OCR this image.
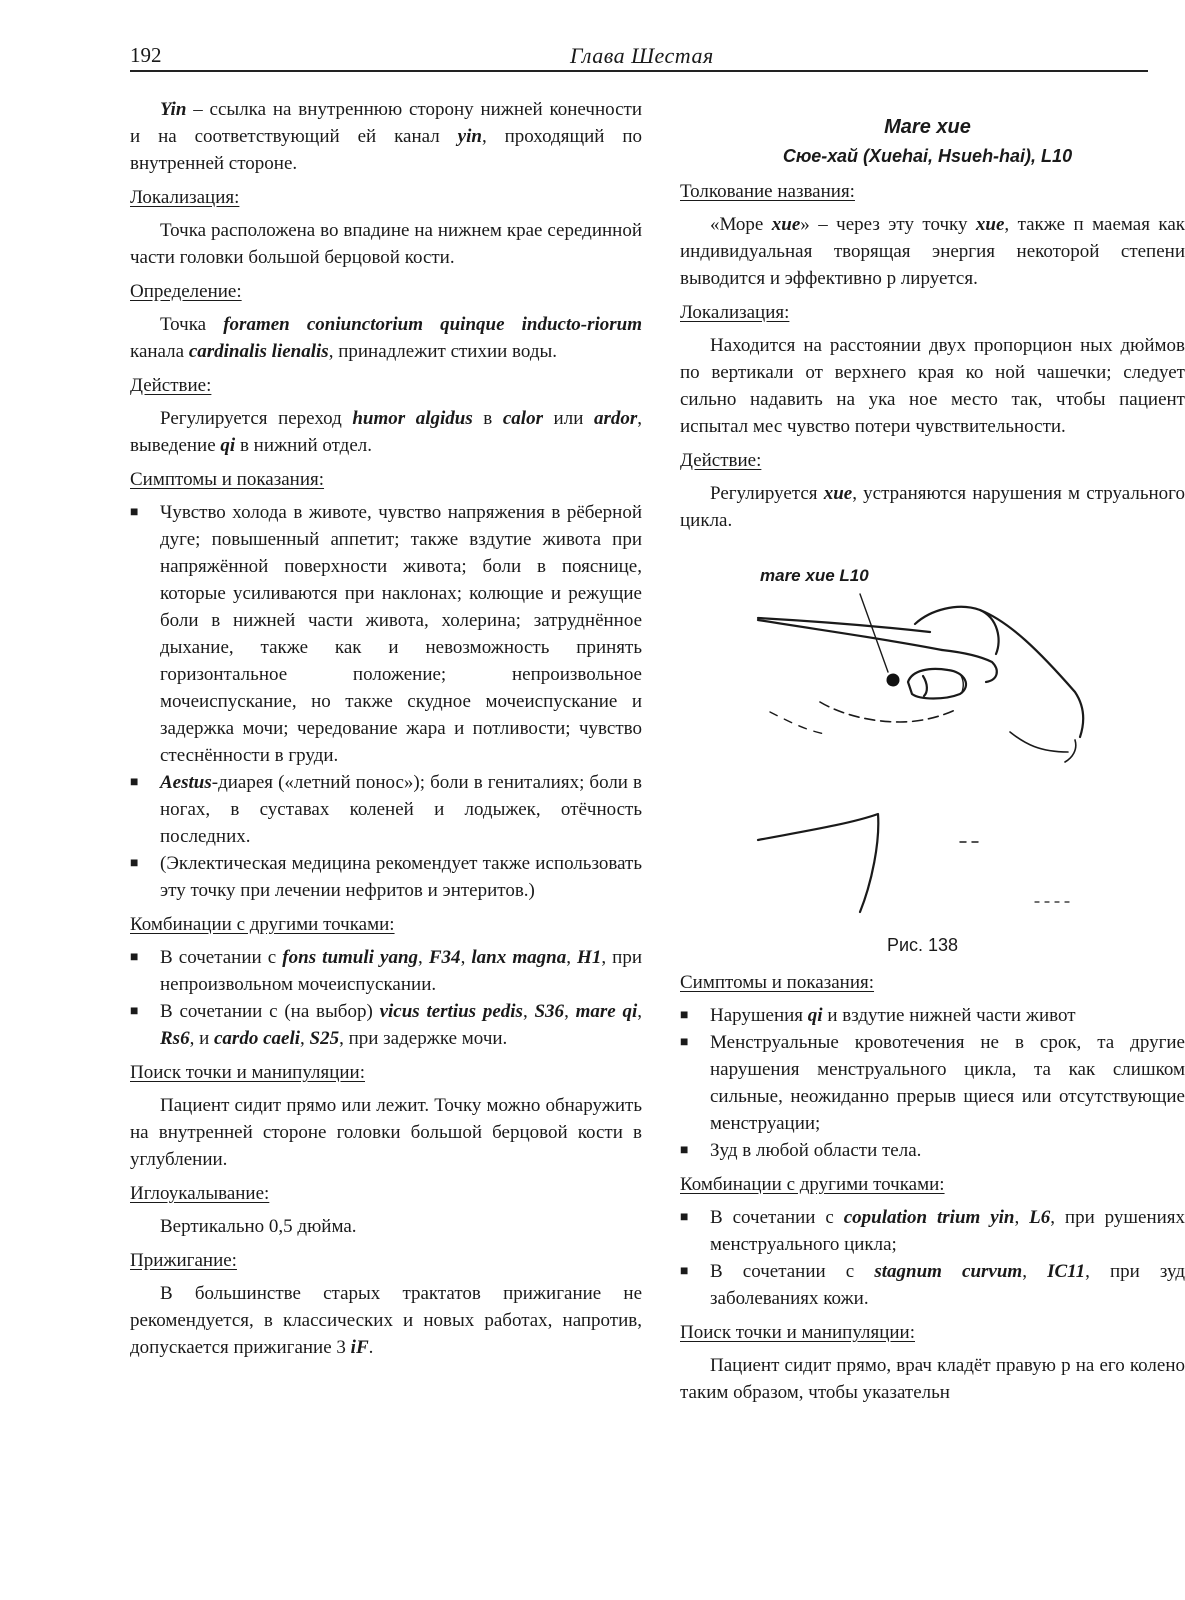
192	Глава Шестая

Yin – ссылка на внутреннюю сторону нижней конечности и на соответствующий ей канал yin, проходящий по внутренней стороне.

Локализация:

Точка расположена во впадине на нижнем крае серединной части головки большой берцовой кости.

Определение:

Точка foramen coniunctorium quinque inducto-riorum канала cardinalis lienalis, принадлежит стихии воды.

Действие:

Регулируется переход humor algidus в calor или ardor, выведение qi в нижний отдел.

Симптомы и показания:
■ Чувство холода в животе, чувство напряжения в рёберной дуге; повышенный аппетит; также вздутие живота при напряжённой поверхности живота; боли в пояснице, которые усиливаются при наклонах; колющие и режущие боли в нижней части живота, холерина; затруднённое дыхание, также как и невозможность принять горизонтальное положение; непроизвольное мочеиспускание, но также скудное мочеиспускание и задержка мочи; чередование жара и потливости; чувство стеснённости в груди.
■ Aestus-диарея («летний понос»); боли в гениталиях; боли в ногах, в суставах коленей и лодыжек, отёчность последних.
■ (Эклектическая медицина рекомендует также использовать эту точку при лечении нефритов и энтеритов.)
Комбинации с другими точками:
■ В сочетании с fons tumuli yang, F34, lanx magna, H1, при непроизвольном мочеиспускании.
■ В сочетании с (на выбор) vicus tertius pedis, S36, mare qi, Rs6, и cardo caeli, S25, при задержке мочи.
Поиск точки и манипуляции:

Пациент сидит прямо или лежит. Точку можно обнаружить на внутренней стороне головки большой берцовой кости в углублении.

Иглоукалывание:

Вертикально 0,5 дюйма.

Прижигание:

В большинстве старых трактатов прижигание не рекомендуется, в классических и новых работах, напротив, допускается прижигание 3 iF.

Mare xue
Сюе-хай (Xuehai, Hsueh-hai), L10
Толкование названия:

«Море xue» – через эту точку xue, также п маемая как индивидуальная творящая энергия некоторой степени выводится и эффективно р лируется.

Локализация:

Находится на расстоянии двух пропорцион ных дюймов по вертикали от верхнего края ко ной чашечки; следует сильно надавить на ука ное место так, чтобы пациент испытал мес чувство потери чувствительности.

Действие:

Регулируется xue, устраняются нарушения м струального цикла.

mare xue L10
Рис. 138
Симптомы и показания:
■ Нарушения qi и вздутие нижней части живот
■ Менструальные кровотечения не в срок, та другие нарушения менструального цикла, та как слишком сильные, неожиданно прерыв щиеся или отсутствующие менструации;
■ Зуд в любой области тела.
Комбинации с другими точками:
■ В сочетании с copulation trium yin, L6, при рушениях менструального цикла;
■ В сочетании с stagnum curvum, IC11, при зуд заболеваниях кожи.
Поиск точки и манипуляции:

Пациент сидит прямо, врач кладёт правую р на его колено таким образом, чтобы указательн
